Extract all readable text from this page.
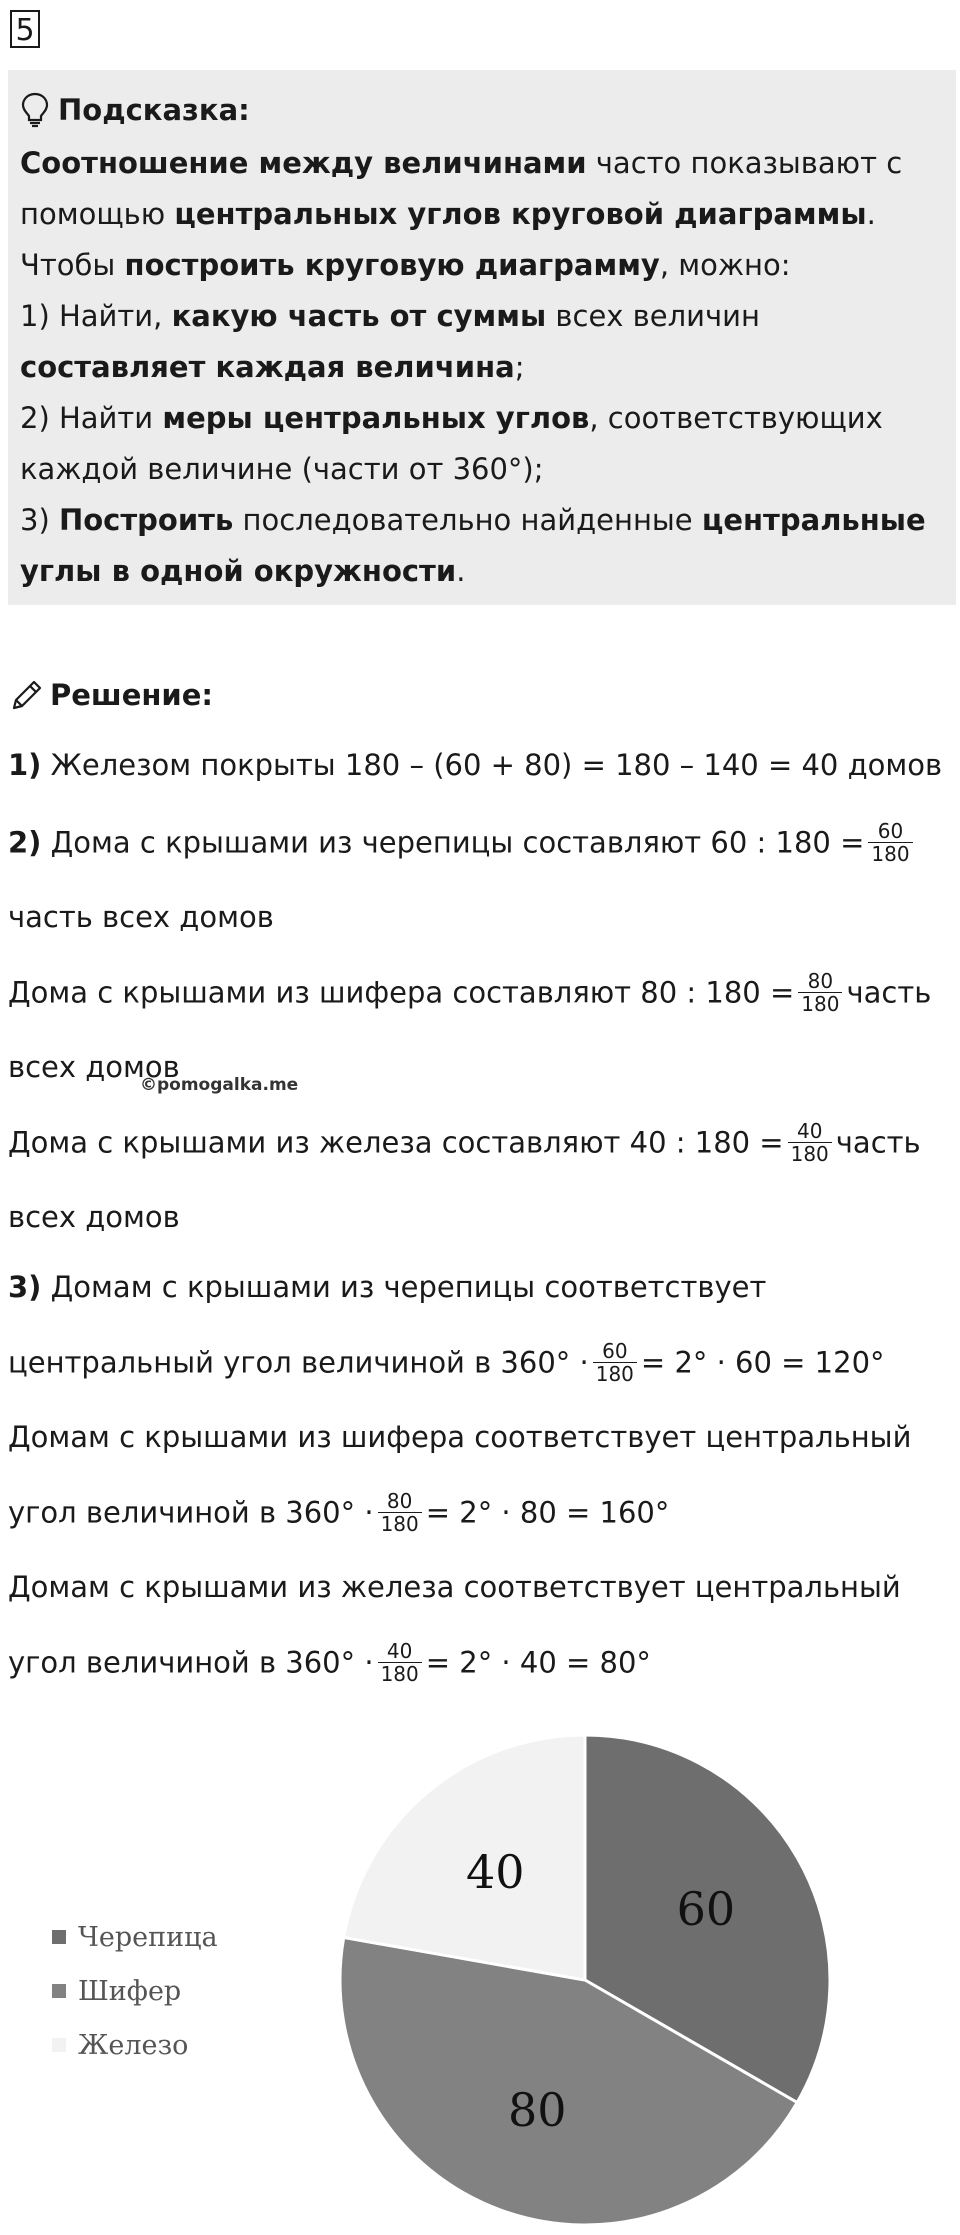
5
Подсказка:

Соотношение между величинами часто показывают с помощью центральных углов круговой диаграммы.

Чтобы построить круговую диаграмму, можно:

1) Найти, какую часть от суммы всех величин составляет каждая величина;

2) Найти меры центральных углов, соответствующих каждой величине (части от 360°);

3) Построить последовательно найденные центральные углы в одной окружности.

Решение:
1) Железом покрыты 180 – (60 + 80) = 180 – 140 = 40 домов
2) Дома с крышами из черепицы составляют 60 : $180 = \frac{60}{180}$
часть всех домов
Дома с крышами из шифера составляют 80 : $180 = \frac{80}{180}$ часть
всех домов
©pomogalka.me
Дома с крышами из железа составляют 40 : $180 = \frac{40}{180}$ часть
всех домов
3) Домам с крышами из черепицы соответствует
центральный угол величиной в $360^\circ \cdot \frac{60}{180} = 2^\circ \cdot 60 = 120^\circ$
Домам с крышами из шифера соответствует центральный
угол величиной в $360^\circ \cdot \frac{80}{180} = 2^\circ \cdot 80 = 160^\circ$
Домам с крышами из железа соответствует центральный
угол величиной в $360^\circ \cdot \frac{40}{180} = 2^\circ \cdot 40 = 80^\circ$
Черепица
Шифер
Железо
60
80
40
